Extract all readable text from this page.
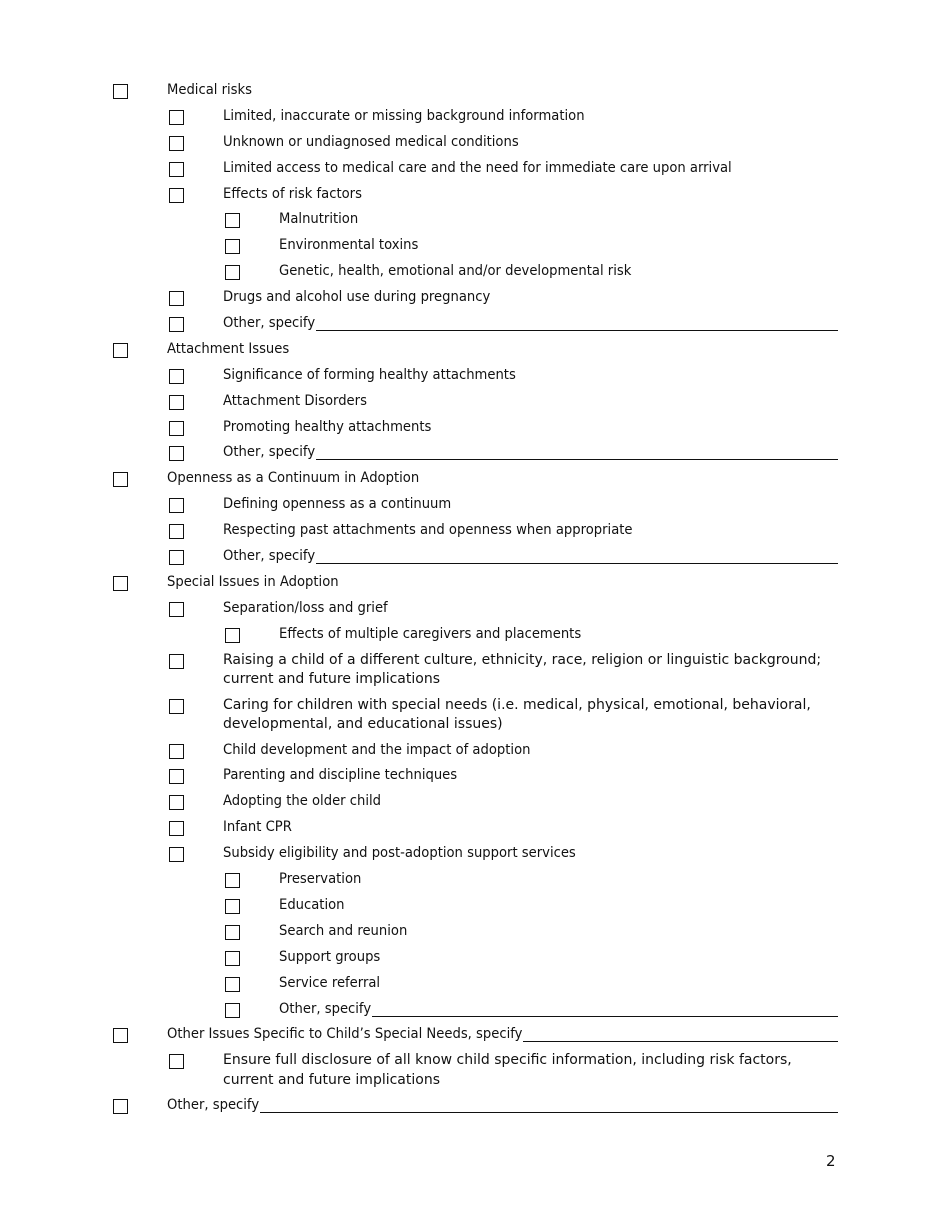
Medical risks
Limited, inaccurate or missing background information
Unknown or undiagnosed medical conditions
Limited access to medical care and the need for immediate care upon arrival
Effects of risk factors
Malnutrition
Environmental toxins
Genetic, health, emotional and/or developmental risk
Drugs and alcohol use during pregnancy
Other, specify
Attachment Issues
Significance of forming healthy attachments
Attachment Disorders
Promoting healthy attachments
Other, specify
Openness as a Continuum in Adoption
Defining openness as a continuum
Respecting past attachments and openness when appropriate
Other, specify
Special Issues in Adoption
Separation/loss and grief
Effects of multiple caregivers and placements
Raising a child of a different culture, ethnicity, race, religion or linguistic background; current and future implications
Caring for children with special needs (i.e. medical, physical, emotional, behavioral, developmental, and educational issues)
Child development and the impact of adoption
Parenting and discipline techniques
Adopting the older child
Infant CPR
Subsidy eligibility and post-adoption support services
Preservation
Education
Search and reunion
Support groups
Service referral
Other, specify
Other Issues Specific to Child’s Special Needs, specify
Ensure full disclosure of all know child specific information, including risk factors, current and future implications
Other, specify
2
